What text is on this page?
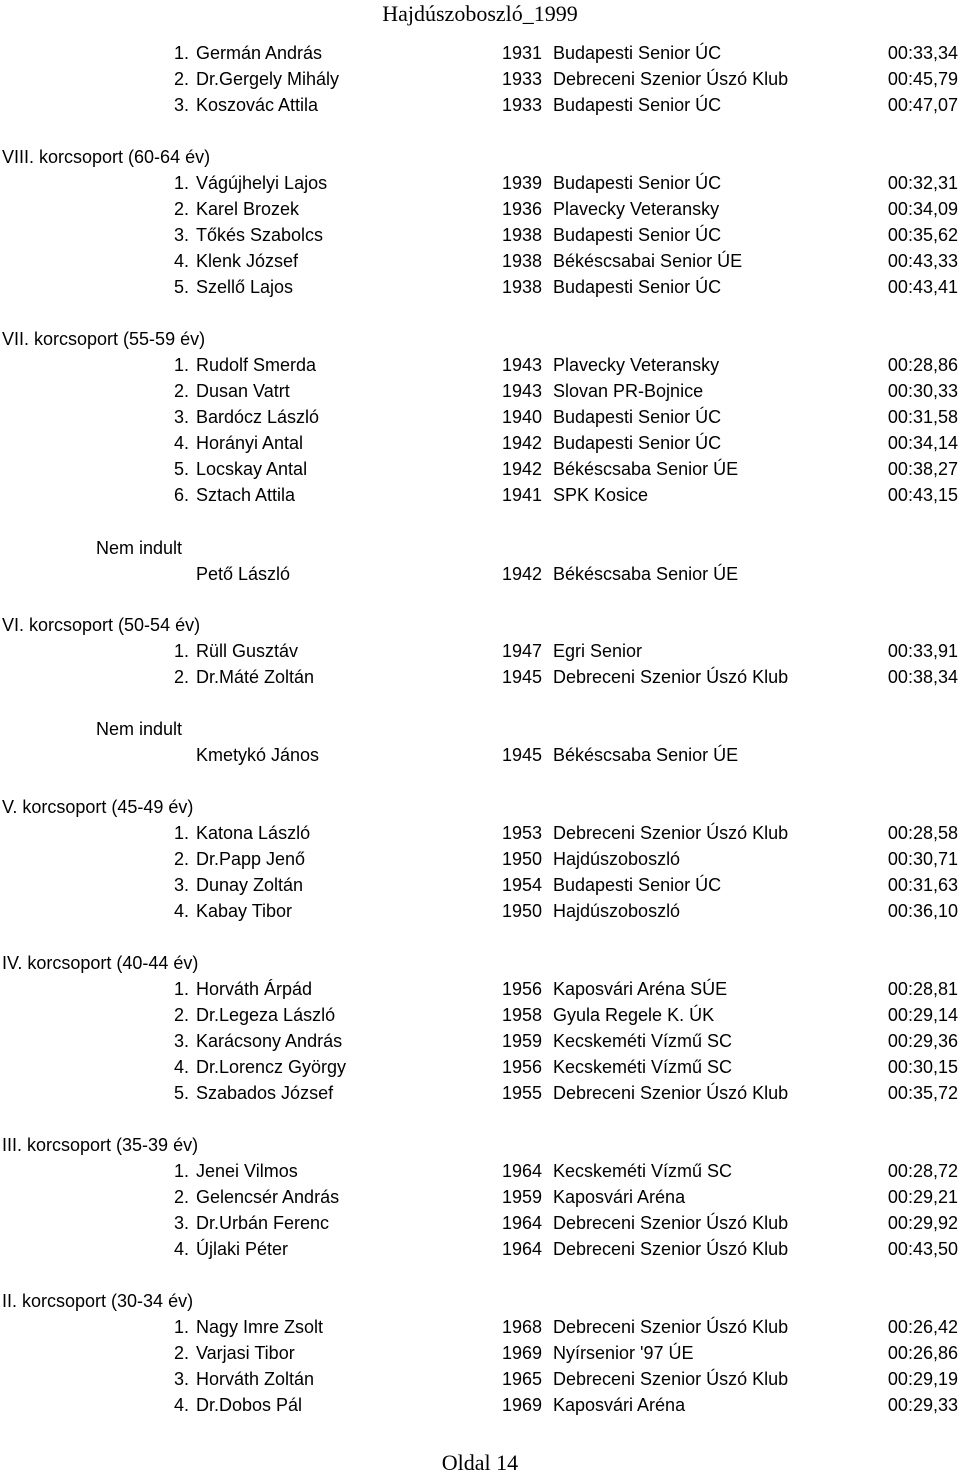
Hajdúszoboszló_1999
1. Germán András	1931 Budapesti Senior ÚC	00:33,34
2. Dr.Gergely Mihály	1933 Debreceni Szenior Úszó Klub	00:45,79
3. Koszovác Attila	1933 Budapesti Senior ÚC	00:47,07
VIII. korcsoport (60-64 év)
1. Vágújhelyi Lajos	1939 Budapesti Senior ÚC	00:32,31
2. Karel Brozek	1936 Plavecky Veteransky	00:34,09
3. Tőkés Szabolcs	1938 Budapesti Senior ÚC	00:35,62
4. Klenk József	1938 Békéscsabai Senior ÚE	00:43,33
5. Szellő Lajos	1938 Budapesti Senior ÚC	00:43,41
VII. korcsoport (55-59 év)
1. Rudolf Smerda	1943 Plavecky Veteransky	00:28,86
2. Dusan Vatrt	1943 Slovan PR-Bojnice	00:30,33
3. Bardócz László	1940 Budapesti Senior ÚC	00:31,58
4. Horányi Antal	1942 Budapesti Senior ÚC	00:34,14
5. Locskay Antal	1942 Békéscsaba Senior ÚE	00:38,27
6. Sztach Attila	1941 SPK Kosice	00:43,15
Nem indult
Pető László	1942 Békéscsaba Senior ÚE
VI. korcsoport (50-54 év)
1. Rüll Gusztáv	1947 Egri Senior	00:33,91
2. Dr.Máté Zoltán	1945 Debreceni Szenior Úszó Klub	00:38,34
Nem indult
Kmetykó János	1945 Békéscsaba Senior ÚE
V. korcsoport (45-49 év)
1. Katona László	1953 Debreceni Szenior Úszó Klub	00:28,58
2. Dr.Papp Jenő	1950 Hajdúszoboszló	00:30,71
3. Dunay Zoltán	1954 Budapesti Senior ÚC	00:31,63
4. Kabay Tibor	1950 Hajdúszoboszló	00:36,10
IV. korcsoport (40-44 év)
1. Horváth Árpád	1956 Kaposvári Aréna SÚE	00:28,81
2. Dr.Legeza László	1958 Gyula Regele K. ÚK	00:29,14
3. Karácsony András	1959 Kecskeméti Vízmű SC	00:29,36
4. Dr.Lorencz György	1956 Kecskeméti Vízmű SC	00:30,15
5. Szabados József	1955 Debreceni Szenior Úszó Klub	00:35,72
III. korcsoport (35-39 év)
1. Jenei Vilmos	1964 Kecskeméti Vízmű SC	00:28,72
2. Gelencsér András	1959 Kaposvári Aréna	00:29,21
3. Dr.Urbán Ferenc	1964 Debreceni Szenior Úszó Klub	00:29,92
4. Újlaki Péter	1964 Debreceni Szenior Úszó Klub	00:43,50
II. korcsoport (30-34 év)
1. Nagy Imre Zsolt	1968 Debreceni Szenior Úszó Klub	00:26,42
2. Varjasi Tibor	1969 Nyírsenior '97 ÚE	00:26,86
3. Horváth Zoltán	1965 Debreceni Szenior Úszó Klub	00:29,19
4. Dr.Dobos Pál	1969 Kaposvári Aréna	00:29,33
Oldal 14
